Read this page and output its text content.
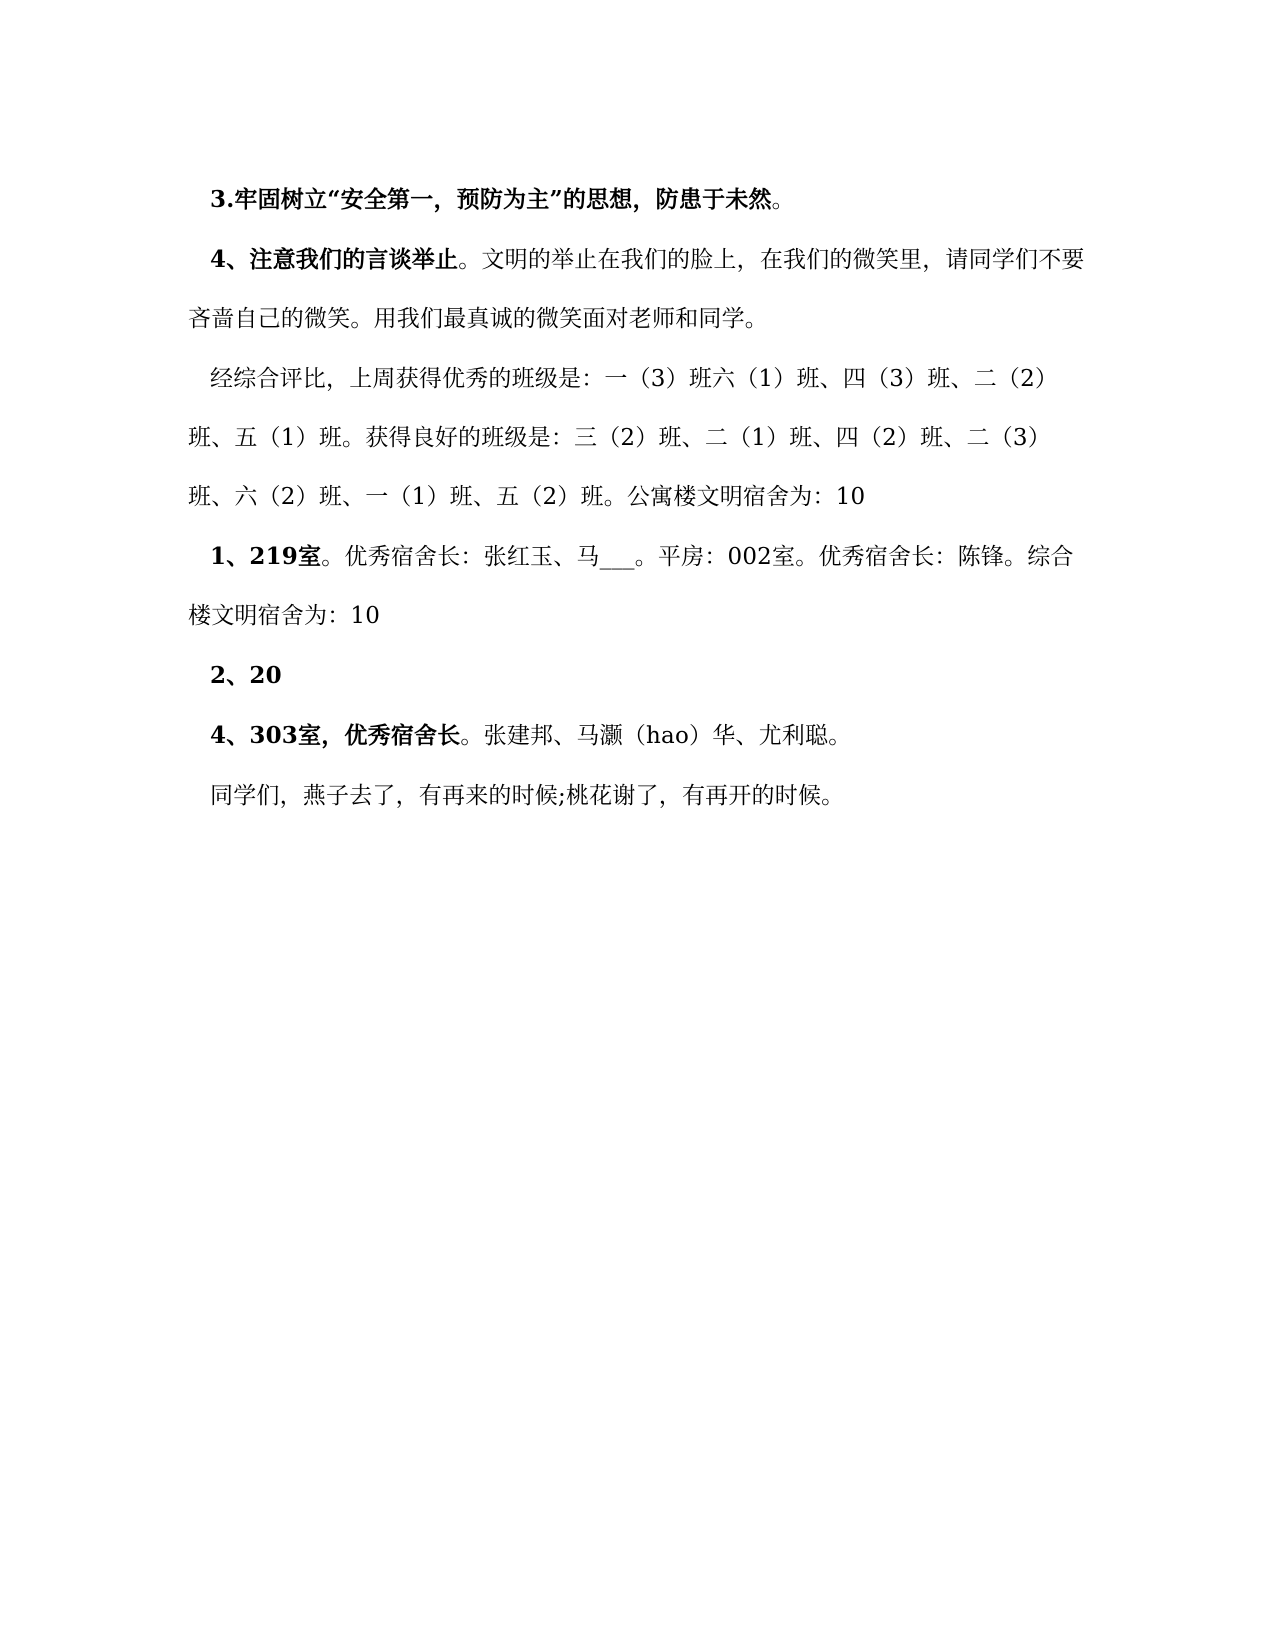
3.牢固树立“安全第一，预防为主”的思想，防患于未然。

4、注意我们的言谈举止。文明的举止在我们的脸上，在我们的微笑里，请同学们不要吝啬自己的微笑。用我们最真诚的微笑面对老师和同学。

经综合评比，上周获得优秀的班级是：一（3）班六（1）班、四（3）班、二（2）班、五（1）班。获得良好的班级是：三（2）班、二（1）班、四（2）班、二（3）班、六（2）班、一（1）班、五（2）班。公寓楼文明宿舍为：10

1、219室。优秀宿舍长：张红玉、马___。平房：002室。优秀宿舍长：陈锋。综合楼文明宿舍为：10

2、20

4、303室，优秀宿舍长。张建邦、马灏（hao）华、尤利聪。

同学们，燕子去了，有再来的时候;桃花谢了，有再开的时候。
